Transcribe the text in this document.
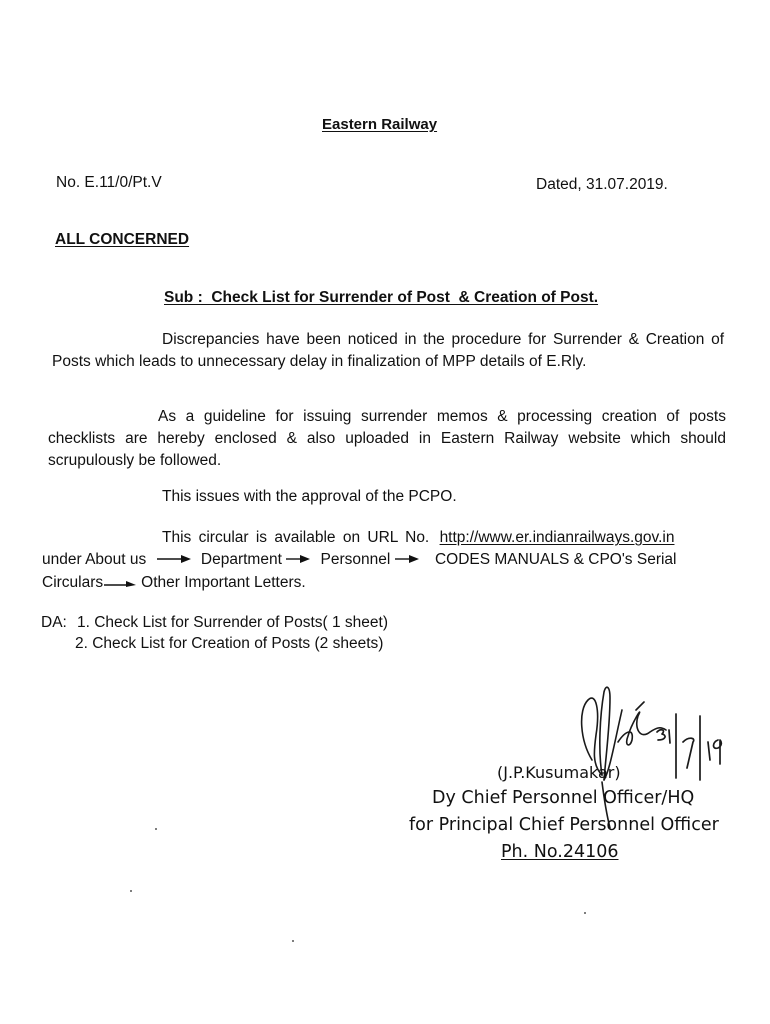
Eastern Railway
No. E.11/0/Pt.V	Dated, 31.07.2019.
ALL CONCERNED
Sub :  Check List for Surrender of Post  & Creation of Post.
Discrepancies have been noticed in the procedure for Surrender & Creation of Posts which leads to unnecessary delay in finalization of MPP details of E.Rly.
As a guideline for issuing surrender memos & processing creation of posts checklists are hereby enclosed & also uploaded in Eastern Railway website which should scrupulously be followed.
This issues with the approval of the PCPO.
This circular is available on URL No. http://www.er.indianrailways.gov.in
under About us	Department Personnel	CODES MANUALS & CPO's Serial
Circulars Other Important Letters.
DA: 1. Check List for Surrender of Posts( 1 sheet)
2. Check List for Creation of Posts (2 sheets)
(J.P.Kusumakar)
Dy Chief Personnel Officer/HQ
for Principal Chief Personnel Officer
Ph. No.24106
